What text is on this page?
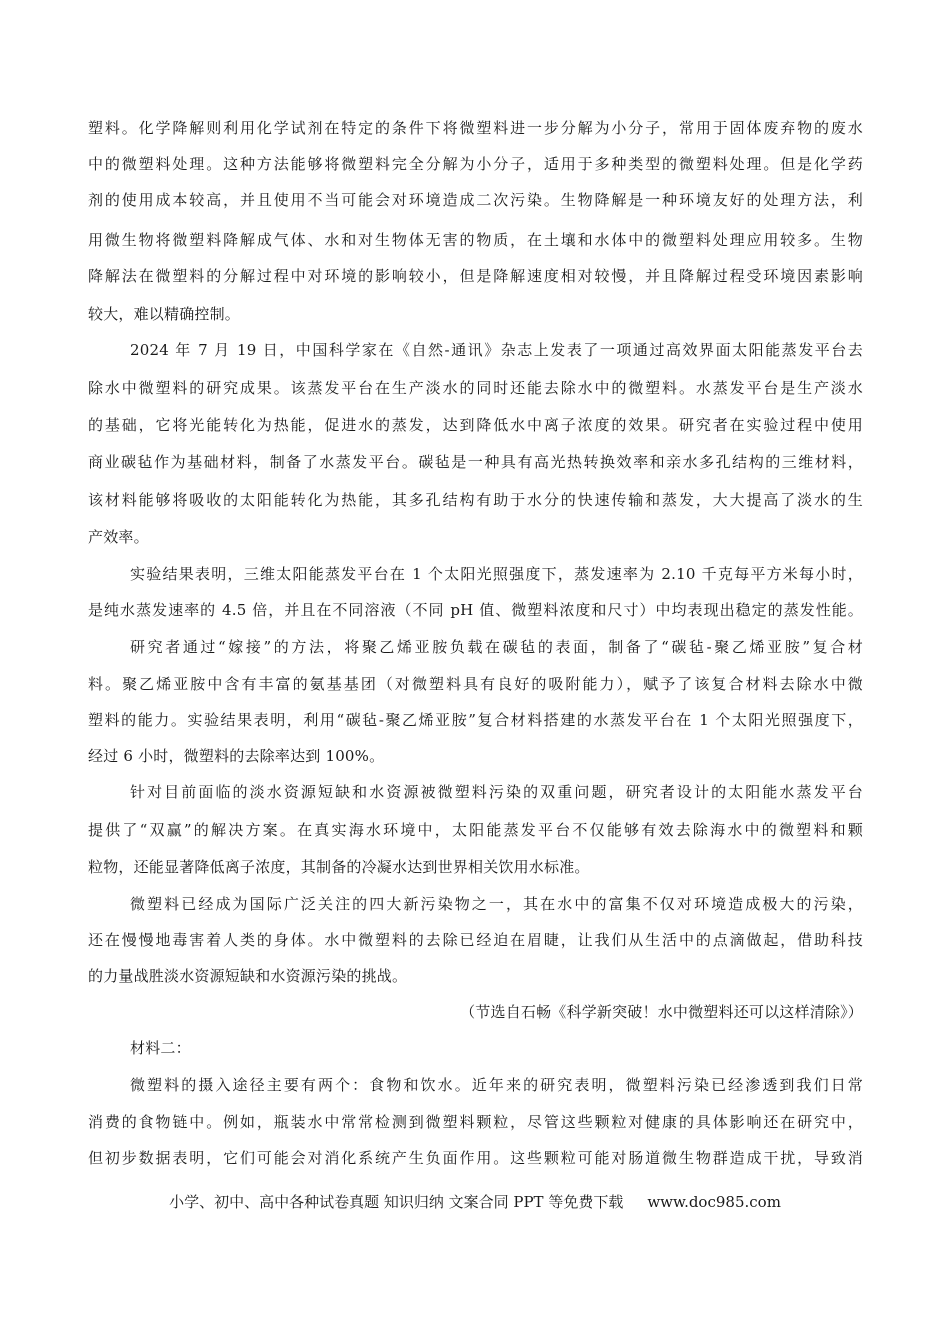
塑料。化学降解则利用化学试剂在特定的条件下将微塑料进一步分解为小分子，常用于固体废弃物的废水
中的微塑料处理。这种方法能够将微塑料完全分解为小分子，适用于多种类型的微塑料处理。但是化学药
剂的使用成本较高，并且使用不当可能会对环境造成二次污染。生物降解是一种环境友好的处理方法，利
用微生物将微塑料降解成气体、水和对生物体无害的物质，在土壤和水体中的微塑料处理应用较多。生物
降解法在微塑料的分解过程中对环境的影响较小，但是降解速度相对较慢，并且降解过程受环境因素影响
较大，难以精确控制。
2024 年 7 月 19 日，中国科学家在《自然-通讯》杂志上发表了一项通过高效界面太阳能蒸发平台去
除水中微塑料的研究成果。该蒸发平台在生产淡水的同时还能去除水中的微塑料。水蒸发平台是生产淡水
的基础，它将光能转化为热能，促进水的蒸发，达到降低水中离子浓度的效果。研究者在实验过程中使用
商业碳毡作为基础材料，制备了水蒸发平台。碳毡是一种具有高光热转换效率和亲水多孔结构的三维材料，
该材料能够将吸收的太阳能转化为热能，其多孔结构有助于水分的快速传输和蒸发，大大提高了淡水的生
产效率。
实验结果表明，三维太阳能蒸发平台在 1 个太阳光照强度下，蒸发速率为 2.10 千克每平方米每小时，
是纯水蒸发速率的 4.5 倍，并且在不同溶液（不同 pH 值、微塑料浓度和尺寸）中均表现出稳定的蒸发性能。
研究者通过“嫁接”的方法，将聚乙烯亚胺负载在碳毡的表面，制备了“碳毡-聚乙烯亚胺”复合材
料。聚乙烯亚胺中含有丰富的氨基基团（对微塑料具有良好的吸附能力），赋予了该复合材料去除水中微
塑料的能力。实验结果表明，利用“碳毡-聚乙烯亚胺”复合材料搭建的水蒸发平台在 1 个太阳光照强度下，
经过 6 小时，微塑料的去除率达到 100%。
针对目前面临的淡水资源短缺和水资源被微塑料污染的双重问题，研究者设计的太阳能水蒸发平台
提供了“双赢”的解决方案。在真实海水环境中，太阳能蒸发平台不仅能够有效去除海水中的微塑料和颗
粒物，还能显著降低离子浓度，其制备的冷凝水达到世界相关饮用水标准。
微塑料已经成为国际广泛关注的四大新污染物之一，其在水中的富集不仅对环境造成极大的污染，
还在慢慢地毒害着人类的身体。水中微塑料的去除已经迫在眉睫，让我们从生活中的点滴做起，借助科技
的力量战胜淡水资源短缺和水资源污染的挑战。
（节选自石畅《科学新突破！水中微塑料还可以这样清除》）
材料二：
微塑料的摄入途径主要有两个：食物和饮水。近年来的研究表明，微塑料污染已经渗透到我们日常
消费的食物链中。例如，瓶装水中常常检测到微塑料颗粒，尽管这些颗粒对健康的具体影响还在研究中，
但初步数据表明，它们可能会对消化系统产生负面作用。这些颗粒可能对肠道微生物群造成干扰，导致消
小学、初中、高中各种试卷真题 知识归纳 文案合同 PPT 等免费下载 www.doc985.com
